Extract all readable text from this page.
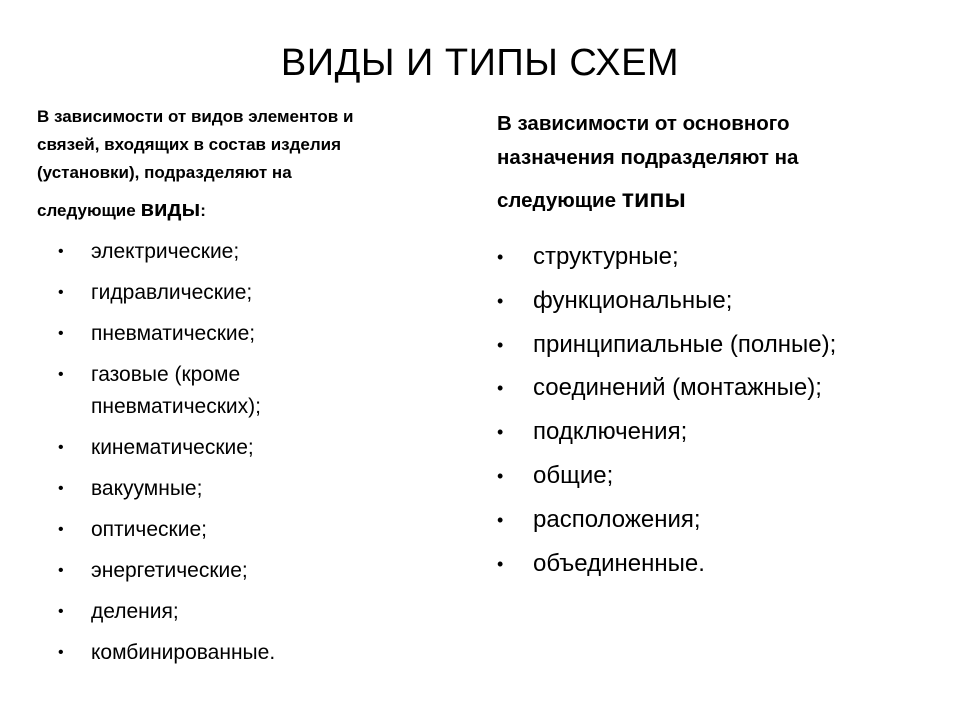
ВИДЫ И ТИПЫ СХЕМ

В зависимости от видов элементов и
связей, входящих в состав изделия
(установки), подразделяют на
следующие виды:

• электрические;
• гидравлические;
• пневматические;
• газовые (кроме пневматических);
• кинематические;
• вакуумные;
• оптические;
• энергетические;
• деления;
• комбинированные.

В зависимости от основного
назначения подразделяют на
следующие типы

• структурные;
• функциональные;
• принципиальные (полные);
• соединений (монтажные);
• подключения;
• общие;
• расположения;
• объединенные.
